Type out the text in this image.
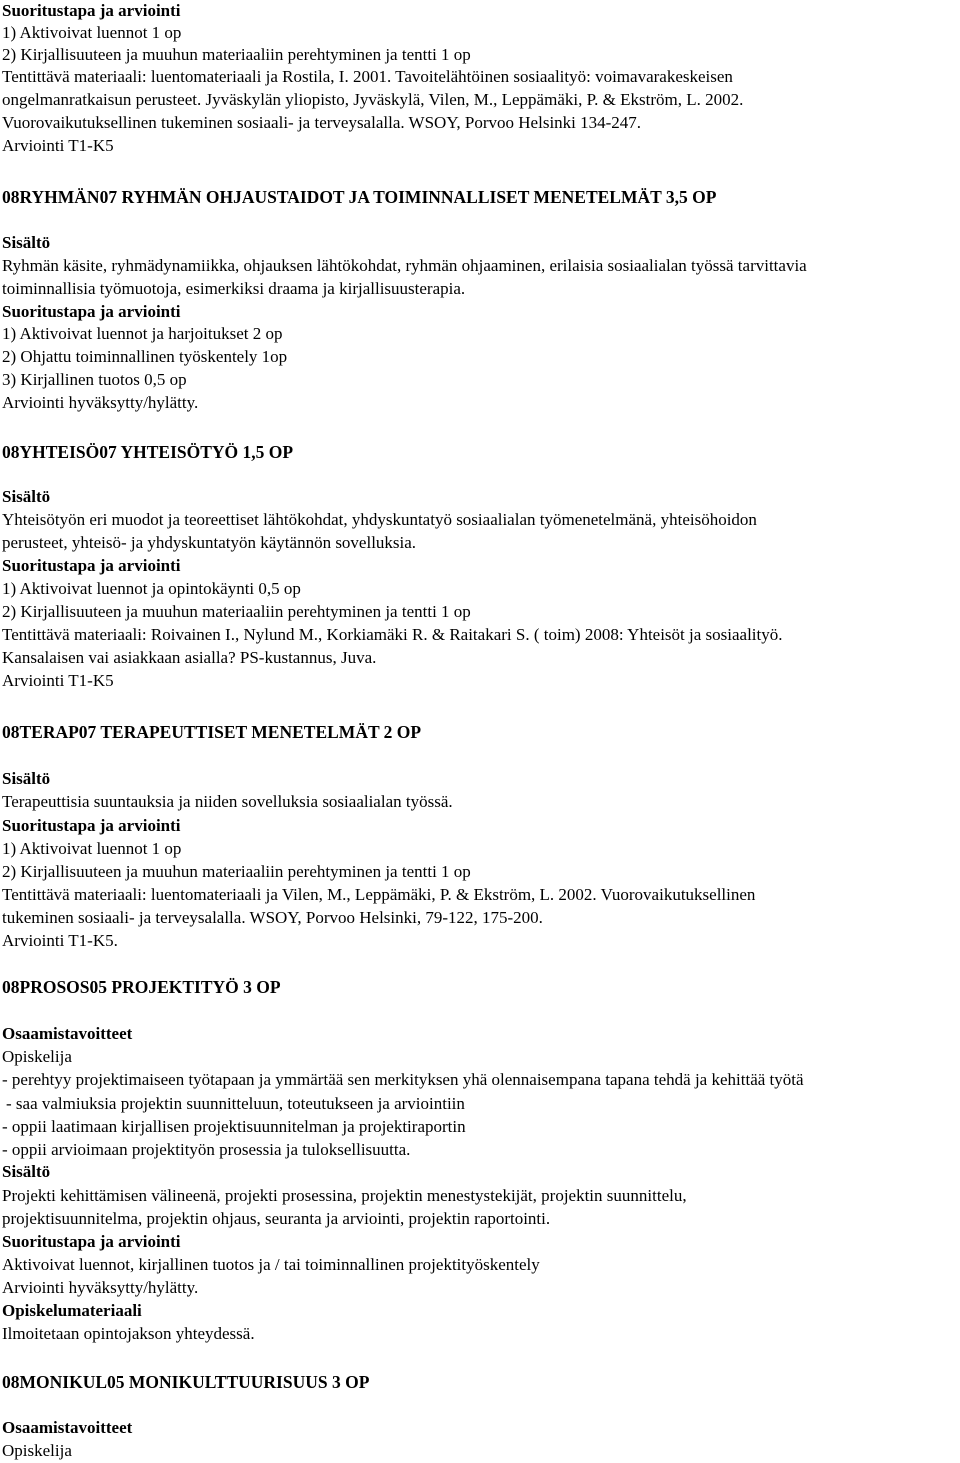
Suoritustapa ja arviointi
1) Aktivoivat luennot 1 op
2) Kirjallisuuteen ja muuhun materiaaliin perehtyminen ja tentti 1 op
Tentittävä materiaali: luentomateriaali ja Rostila, I. 2001. Tavoitelähtöinen sosiaalityö: voimavarakeskeisen
ongelmanratkaisun perusteet. Jyväskylän yliopisto, Jyväskylä, Vilen, M., Leppämäki, P. & Ekström, L. 2002.
Vuorovaikutuksellinen tukeminen sosiaali- ja terveysalalla. WSOY, Porvoo Helsinki 134-247.
Arviointi T1-K5
08RYHMÄN07 RYHMÄN OHJAUSTAIDOT JA TOIMINNALLISET MENETELMÄT 3,5 OP
Sisältö
Ryhmän käsite, ryhmädynamiikka, ohjauksen lähtökohdat, ryhmän ohjaaminen, erilaisia sosiaalialan työssä tarvittavia
toiminnallisia työmuotoja, esimerkiksi draama ja kirjallisuusterapia.
Suoritustapa ja arviointi
1) Aktivoivat luennot ja harjoitukset 2 op
2) Ohjattu toiminnallinen työskentely 1op
3) Kirjallinen tuotos 0,5 op
Arviointi hyväksytty/hylätty.
08YHTEISÖ07 YHTEISÖTYÖ 1,5 OP
Sisältö
Yhteisötyön eri muodot ja teoreettiset lähtökohdat, yhdyskuntatyö sosiaalialan työmenetelmänä, yhteisöhoidon
perusteet, yhteisö- ja yhdyskuntatyön käytännön sovelluksia.
Suoritustapa ja arviointi
1) Aktivoivat luennot ja opintokäynti 0,5 op
2) Kirjallisuuteen ja muuhun materiaaliin perehtyminen ja tentti 1 op
Tentittävä materiaali: Roivainen I., Nylund M., Korkiamäki R. & Raitakari S. ( toim) 2008: Yhteisöt ja sosiaalityö.
Kansalaisen vai asiakkaan asialla? PS-kustannus, Juva.
Arviointi T1-K5
08TERAP07 TERAPEUTTISET MENETELMÄT 2 OP
Sisältö
Terapeuttisia suuntauksia ja niiden sovelluksia sosiaalialan työssä.
Suoritustapa ja arviointi
1) Aktivoivat luennot 1 op
2) Kirjallisuuteen ja muuhun materiaaliin perehtyminen ja tentti 1 op
Tentittävä materiaali: luentomateriaali ja Vilen, M., Leppämäki, P. & Ekström, L. 2002. Vuorovaikutuksellinen
tukeminen sosiaali- ja terveysalalla. WSOY, Porvoo Helsinki, 79-122, 175-200.
Arviointi T1-K5.
08PROSOS05 PROJEKTITYÖ 3 OP
Osaamistavoitteet
Opiskelija
- perehtyy projektimaiseen työtapaan ja ymmärtää sen merkityksen yhä olennaisempana tapana tehdä ja kehittää työtä
- saa valmiuksia projektin suunnitteluun, toteutukseen ja arviointiin
- oppii laatimaan kirjallisen projektisuunnitelman ja projektiraportin
- oppii arvioimaan projektityön prosessia ja tuloksellisuutta.
Sisältö
Projekti kehittämisen välineenä, projekti prosessina, projektin menestystekijät, projektin suunnittelu,
projektisuunnitelma, projektin ohjaus, seuranta ja arviointi, projektin raportointi.
Suoritustapa ja arviointi
Aktivoivat luennot, kirjallinen tuotos ja / tai toiminnallinen projektityöskentely
Arviointi hyväksytty/hylätty.
Opiskelumateriaali
Ilmoitetaan opintojakson yhteydessä.
08MONIKUL05 MONIKULTTUURISUUS 3 OP
Osaamistavoitteet
Opiskelija
